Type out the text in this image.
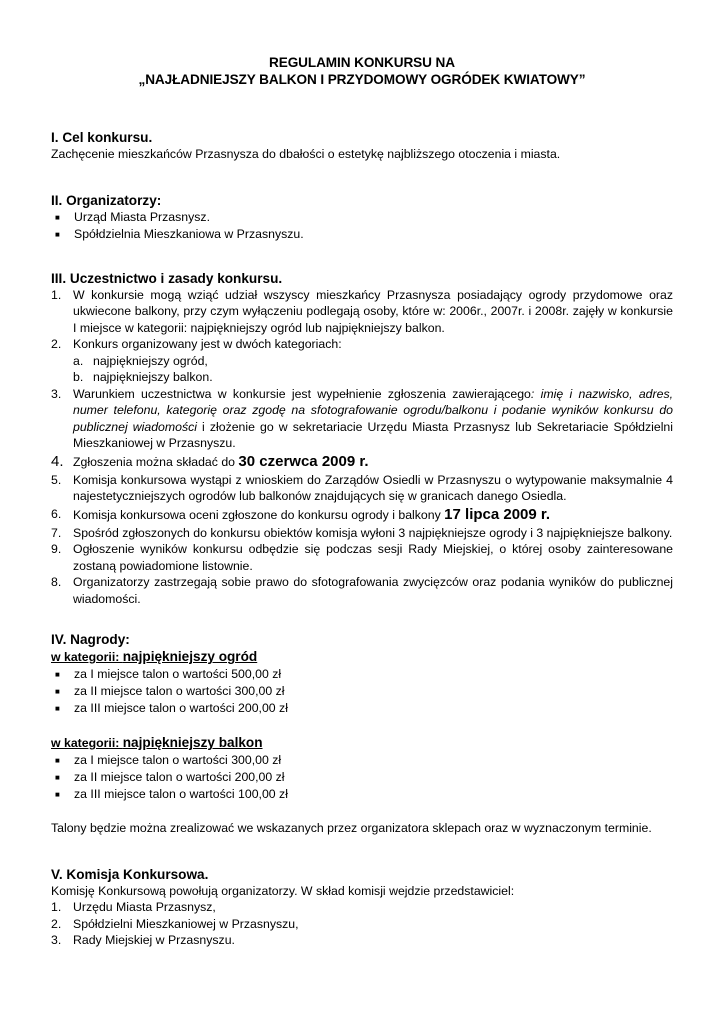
REGULAMIN KONKURSU NA
„NAJŁADNIEJSZY BALKON I PRZYDOMOWY OGRÓDEK KWIATOWY”
I. Cel konkursu.
Zachęcenie mieszkańców Przasnysza do dbałości o estetykę najbliższego otoczenia i miasta.
II. Organizatorzy:
■ Urząd Miasta Przasnysz.
■ Spółdzielnia Mieszkaniowa w Przasnyszu.
III. Uczestnictwo i zasady konkursu.
1. W konkursie mogą wziąć udział wszyscy mieszkańcy Przasnysza posiadający ogrody przydomowe oraz ukwiecone balkony, przy czym wyłączeniu podlegają osoby, które w: 2006r., 2007r. i 2008r. zajęły w konkursie I miejsce w kategorii: najpiękniejszy ogród lub najpiękniejszy balkon.
2. Konkurs organizowany jest w dwóch kategoriach:
a. najpiękniejszy ogród,
b. najpiękniejszy balkon.
3. Warunkiem uczestnictwa w konkursie jest wypełnienie zgłoszenia zawierającego: imię i nazwisko, adres, numer telefonu, kategorię oraz zgodę na sfotografowanie ogrodu/balkonu i podanie wyników konkursu do publicznej wiadomości i złożenie go w sekretariacie Urzędu Miasta Przasnysz lub Sekretariacie Spółdzielni Mieszkaniowej w Przasnyszu.
4. Zgłoszenia można składać do 30 czerwca 2009 r.
5. Komisja konkursowa wystąpi z wnioskiem do Zarządów Osiedli w Przasnyszu o wytypowanie maksymalnie 4 najestetyczniejszych ogrodów lub balkonów znajdujących się w granicach danego Osiedla.
6. Komisja konkursowa oceni zgłoszone do konkursu ogrody i balkony 17 lipca 2009 r.
7. Spośród zgłoszonych do konkursu obiektów komisja wyłoni 3 najpiękniejsze ogrody i 3 najpiękniejsze balkony.
9. Ogłoszenie wyników konkursu odbędzie się podczas sesji Rady Miejskiej, o której osoby zainteresowane zostaną powiadomione listownie.
8. Organizatorzy zastrzegają sobie prawo do sfotografowania zwycięzców oraz podania wyników do publicznej wiadomości.
IV. Nagrody:
w kategorii: najpiękniejszy ogród
■ za I miejsce talon o wartości 500,00 zł
■ za II miejsce talon o wartości 300,00 zł
■ za III miejsce talon o wartości 200,00 zł
w kategorii: najpiękniejszy balkon
■ za I miejsce talon o wartości 300,00 zł
■ za II miejsce talon o wartości 200,00 zł
■ za III miejsce talon o wartości 100,00 zł
Talony będzie można zrealizować we wskazanych przez organizatora sklepach oraz w wyznaczonym terminie.
V. Komisja Konkursowa.
Komisję Konkursową powołują organizatorzy. W skład komisji wejdzie przedstawiciel:
1. Urzędu Miasta Przasnysz,
2. Spółdzielni Mieszkaniowej w Przasnyszu,
3. Rady Miejskiej w Przasnyszu.
